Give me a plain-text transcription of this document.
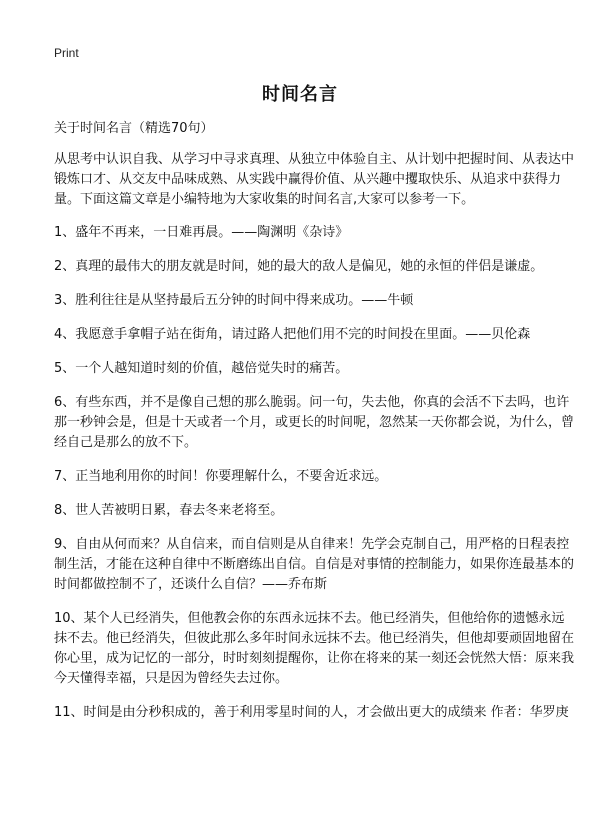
Print
时间名言

关于时间名言（精选70句）

从思考中认识自我、从学习中寻求真理、从独立中体验自主、从计划中把握时间、从表达中锻炼口才、从交友中品味成熟、从实践中赢得价值、从兴趣中攫取快乐、从追求中获得力量。下面这篇文章是小编特地为大家收集的时间名言,大家可以参考一下。

1、盛年不再来，一日难再晨。——陶渊明《杂诗》

2、真理的最伟大的朋友就是时间，她的最大的敌人是偏见，她的永恒的伴侣是谦虚。

3、胜利往往是从坚持最后五分钟的时间中得来成功。——牛顿

4、我愿意手拿帽子站在街角，请过路人把他们用不完的时间投在里面。——贝伦森

5、一个人越知道时刻的价值，越倍觉失时的痛苦。

6、有些东西，并不是像自己想的那么脆弱。问一句，失去他，你真的会活不下去吗，也许那一秒钟会是，但是十天或者一个月，或更长的时间呢，忽然某一天你都会说，为什么，曾经自己是那么的放不下。

7、正当地利用你的时间！你要理解什么，不要舍近求远。

8、世人苦被明日累，春去冬来老将至。

9、自由从何而来？从自信来，而自信则是从自律来！先学会克制自己，用严格的日程表控制生活，才能在这种自律中不断磨练出自信。自信是对事情的控制能力，如果你连最基本的时间都做控制不了，还谈什么自信？——乔布斯

10、某个人已经消失，但他教会你的东西永远抹不去。他已经消失，但他给你的遗憾永远抹不去。他已经消失，但彼此那么多年时间永远抹不去。他已经消失，但他却要顽固地留在你心里，成为记忆的一部分，时时刻刻提醒你，让你在将来的某一刻还会恍然大悟：原来我今天懂得幸福，只是因为曾经失去过你。

11、时间是由分秒积成的，善于利用零星时间的人，才会做出更大的成绩来 作者：华罗庚
